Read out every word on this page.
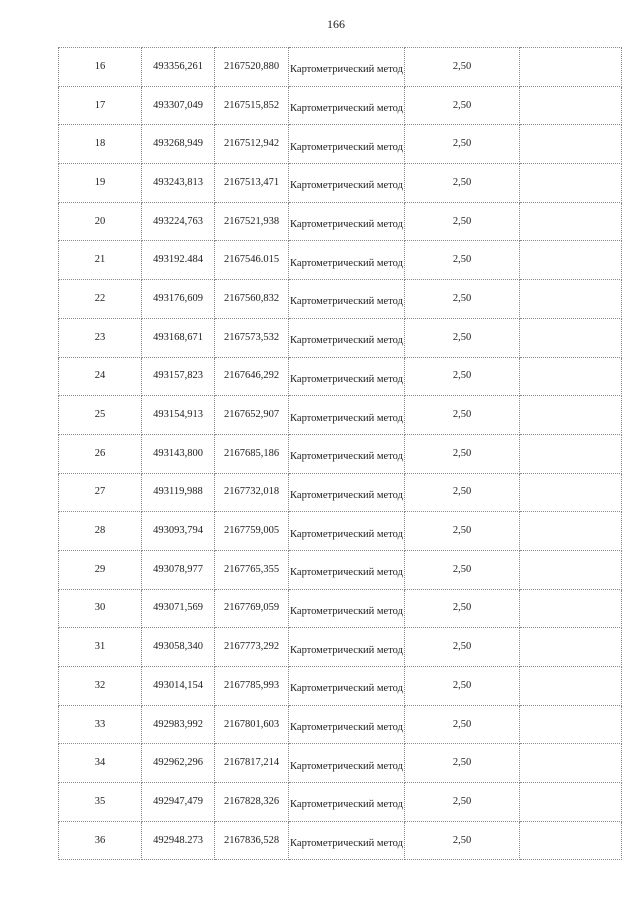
166
16	493356,261	2167520,880	Картометрический метод	2,50	
17	493307,049	2167515,852	Картометрический метод	2,50	
18	493268,949	2167512,942	Картометрический метод	2,50	
19	493243,813	2167513,471	Картометрический метод	2,50	
20	493224,763	2167521,938	Картометрический метод	2,50	
21	493192.484	2167546.015	Картометрический метод	2,50	
22	493176,609	2167560,832	Картометрический метод	2,50	
23	493168,671	2167573,532	Картометрический метод	2,50	
24	493157,823	2167646,292	Картометрический метод	2,50	
25	493154,913	2167652,907	Картометрический метод	2,50	
26	493143,800	2167685,186	Картометрический метод	2,50	
27	493119,988	2167732,018	Картометрический метод	2,50	
28	493093,794	2167759,005	Картометрический метод	2,50	
29	493078,977	2167765,355	Картометрический метод	2,50	
30	493071,569	2167769,059	Картометрический метод	2,50	
31	493058,340	2167773,292	Картометрический метод	2,50	
32	493014,154	2167785,993	Картометрический метод	2,50	
33	492983,992	2167801,603	Картометрический метод	2,50	
34	492962,296	2167817,214	Картометрический метод	2,50	
35	492947,479	2167828,326	Картометрический метод	2,50	
36	492948.273	2167836,528	Картометрический метод	2,50	
